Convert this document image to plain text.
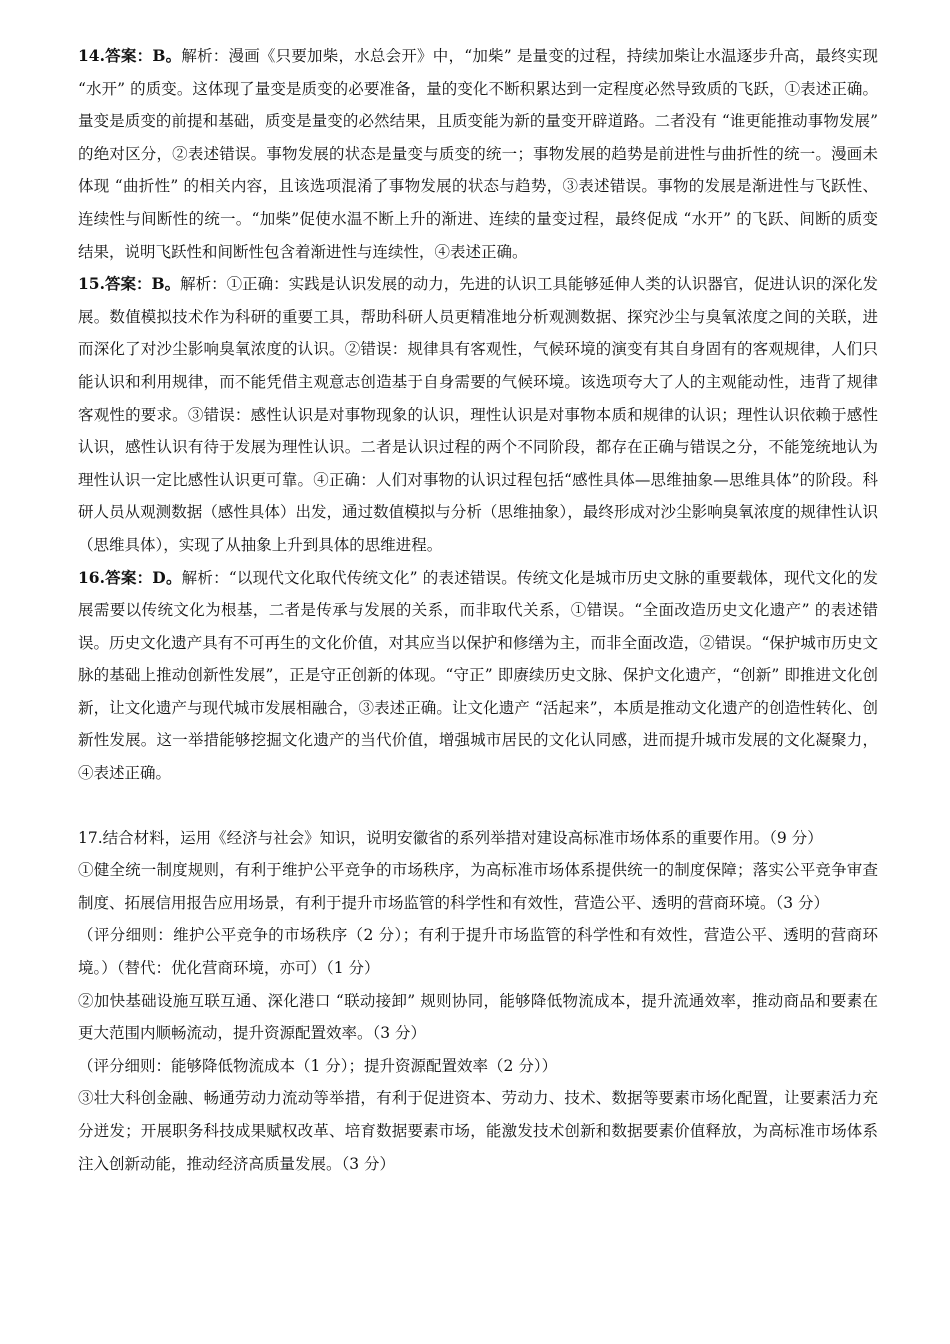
14.答案：B。解析：漫画《只要加柴，水总会开》中，“加柴” 是量变的过程，持续加柴让水温逐步升高，最终实现 “水开” 的质变。这体现了量变是质变的必要准备，量的变化不断积累达到一定程度必然导致质的飞跃，①表述正确。量变是质变的前提和基础，质变是量变的必然结果，且质变能为新的量变开辟道路。二者没有 “谁更能推动事物发展” 的绝对区分，②表述错误。事物发展的状态是量变与质变的统一；事物发展的趋势是前进性与曲折性的统一。漫画未体现 “曲折性” 的相关内容，且该选项混淆了事物发展的状态与趋势，③表述错误。事物的发展是渐进性与飞跃性、连续性与间断性的统一。“加柴”促使水温不断上升的渐进、连续的量变过程，最终促成 “水开” 的飞跃、间断的质变结果，说明飞跃性和间断性包含着渐进性与连续性，④表述正确。

15.答案：B。解析：①正确：实践是认识发展的动力，先进的认识工具能够延伸人类的认识器官，促进认识的深化发展。数值模拟技术作为科研的重要工具，帮助科研人员更精准地分析观测数据、探究沙尘与臭氧浓度之间的关联，进而深化了对沙尘影响臭氧浓度的认识。②错误：规律具有客观性，气候环境的演变有其自身固有的客观规律，人们只能认识和利用规律，而不能凭借主观意志创造基于自身需要的气候环境。该选项夸大了人的主观能动性，违背了规律客观性的要求。③错误：感性认识是对事物现象的认识，理性认识是对事物本质和规律的认识；理性认识依赖于感性认识，感性认识有待于发展为理性认识。二者是认识过程的两个不同阶段，都存在正确与错误之分，不能笼统地认为理性认识一定比感性认识更可靠。④正确：人们对事物的认识过程包括“感性具体—思维抽象—思维具体”的阶段。科研人员从观测数据（感性具体）出发，通过数值模拟与分析（思维抽象），最终形成对沙尘影响臭氧浓度的规律性认识（思维具体），实现了从抽象上升到具体的思维进程。

16.答案：D。解析：“以现代文化取代传统文化” 的表述错误。传统文化是城市历史文脉的重要载体，现代文化的发展需要以传统文化为根基，二者是传承与发展的关系，而非取代关系，①错误。“全面改造历史文化遗产” 的表述错误。历史文化遗产具有不可再生的文化价值，对其应当以保护和修缮为主，而非全面改造，②错误。“保护城市历史文脉的基础上推动创新性发展”，正是守正创新的体现。“守正” 即赓续历史文脉、保护文化遗产，“创新” 即推进文化创新，让文化遗产与现代城市发展相融合，③表述正确。让文化遗产 “活起来”，本质是推动文化遗产的创造性转化、创新性发展。这一举措能够挖掘文化遗产的当代价值，增强城市居民的文化认同感，进而提升城市发展的文化凝聚力，④表述正确。

17.结合材料，运用《经济与社会》知识，说明安徽省的系列举措对建设高标准市场体系的重要作用。（9 分）

①健全统一制度规则，有利于维护公平竞争的市场秩序，为高标准市场体系提供统一的制度保障；落实公平竞争审查制度、拓展信用报告应用场景，有利于提升市场监管的科学性和有效性，营造公平、透明的营商环境。（3 分）

（评分细则：维护公平竞争的市场秩序（2 分）；有利于提升市场监管的科学性和有效性，营造公平、透明的营商环境。）（替代：优化营商环境，亦可）（1 分）

②加快基础设施互联互通、深化港口 “联动接卸” 规则协同，能够降低物流成本，提升流通效率，推动商品和要素在更大范围内顺畅流动，提升资源配置效率。（3 分）

（评分细则：能够降低物流成本（1 分）；提升资源配置效率（2 分））

③壮大科创金融、畅通劳动力流动等举措，有利于促进资本、劳动力、技术、数据等要素市场化配置，让要素活力充分迸发；开展职务科技成果赋权改革、培育数据要素市场，能激发技术创新和数据要素价值释放，为高标准市场体系注入创新动能，推动经济高质量发展。（3 分）
